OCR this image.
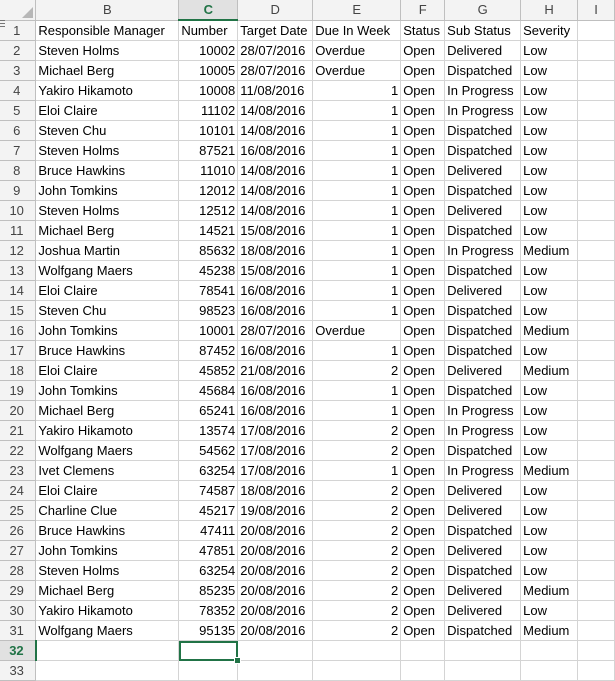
	B	C	D	E	F	G	H	I
1	Responsible Manager	Number	Target Date	Due In Week	Status	Sub Status	Severity	
2	Steven Holms	10002	28/07/2016	Overdue	Open	Delivered	Low	
3	Michael Berg	10005	28/07/2016	Overdue	Open	Dispatched	Low	
4	Yakiro Hikamoto	10008	11/08/2016	1	Open	In Progress	Low	
5	Eloi Claire	11102	14/08/2016	1	Open	In Progress	Low	
6	Steven Chu	10101	14/08/2016	1	Open	Dispatched	Low	
7	Steven Holms	87521	16/08/2016	1	Open	Dispatched	Low	
8	Bruce Hawkins	11010	14/08/2016	1	Open	Delivered	Low	
9	John Tomkins	12012	14/08/2016	1	Open	Dispatched	Low	
10	Steven Holms	12512	14/08/2016	1	Open	Delivered	Low	
11	Michael Berg	14521	15/08/2016	1	Open	Dispatched	Low	
12	Joshua Martin	85632	18/08/2016	1	Open	In Progress	Medium	
13	Wolfgang Maers	45238	15/08/2016	1	Open	Dispatched	Low	
14	Eloi Claire	78541	16/08/2016	1	Open	Delivered	Low	
15	Steven Chu	98523	16/08/2016	1	Open	Dispatched	Low	
16	John Tomkins	10001	28/07/2016	Overdue	Open	Dispatched	Medium	
17	Bruce Hawkins	87452	16/08/2016	1	Open	Dispatched	Low	
18	Eloi Claire	45852	21/08/2016	2	Open	Delivered	Medium	
19	John Tomkins	45684	16/08/2016	1	Open	Dispatched	Low	
20	Michael Berg	65241	16/08/2016	1	Open	In Progress	Low	
21	Yakiro Hikamoto	13574	17/08/2016	2	Open	In Progress	Low	
22	Wolfgang Maers	54562	17/08/2016	2	Open	Dispatched	Low	
23	Ivet Clemens	63254	17/08/2016	1	Open	In Progress	Medium	
24	Eloi Claire	74587	18/08/2016	2	Open	Delivered	Low	
25	Charline Clue	45217	19/08/2016	2	Open	Delivered	Low	
26	Bruce Hawkins	47411	20/08/2016	2	Open	Dispatched	Low	
27	John Tomkins	47851	20/08/2016	2	Open	Delivered	Low	
28	Steven Holms	63254	20/08/2016	2	Open	Dispatched	Low	
29	Michael Berg	85235	20/08/2016	2	Open	Delivered	Medium	
30	Yakiro Hikamoto	78352	20/08/2016	2	Open	Delivered	Low	
31	Wolfgang Maers	95135	20/08/2016	2	Open	Dispatched	Medium	
32								
33								
